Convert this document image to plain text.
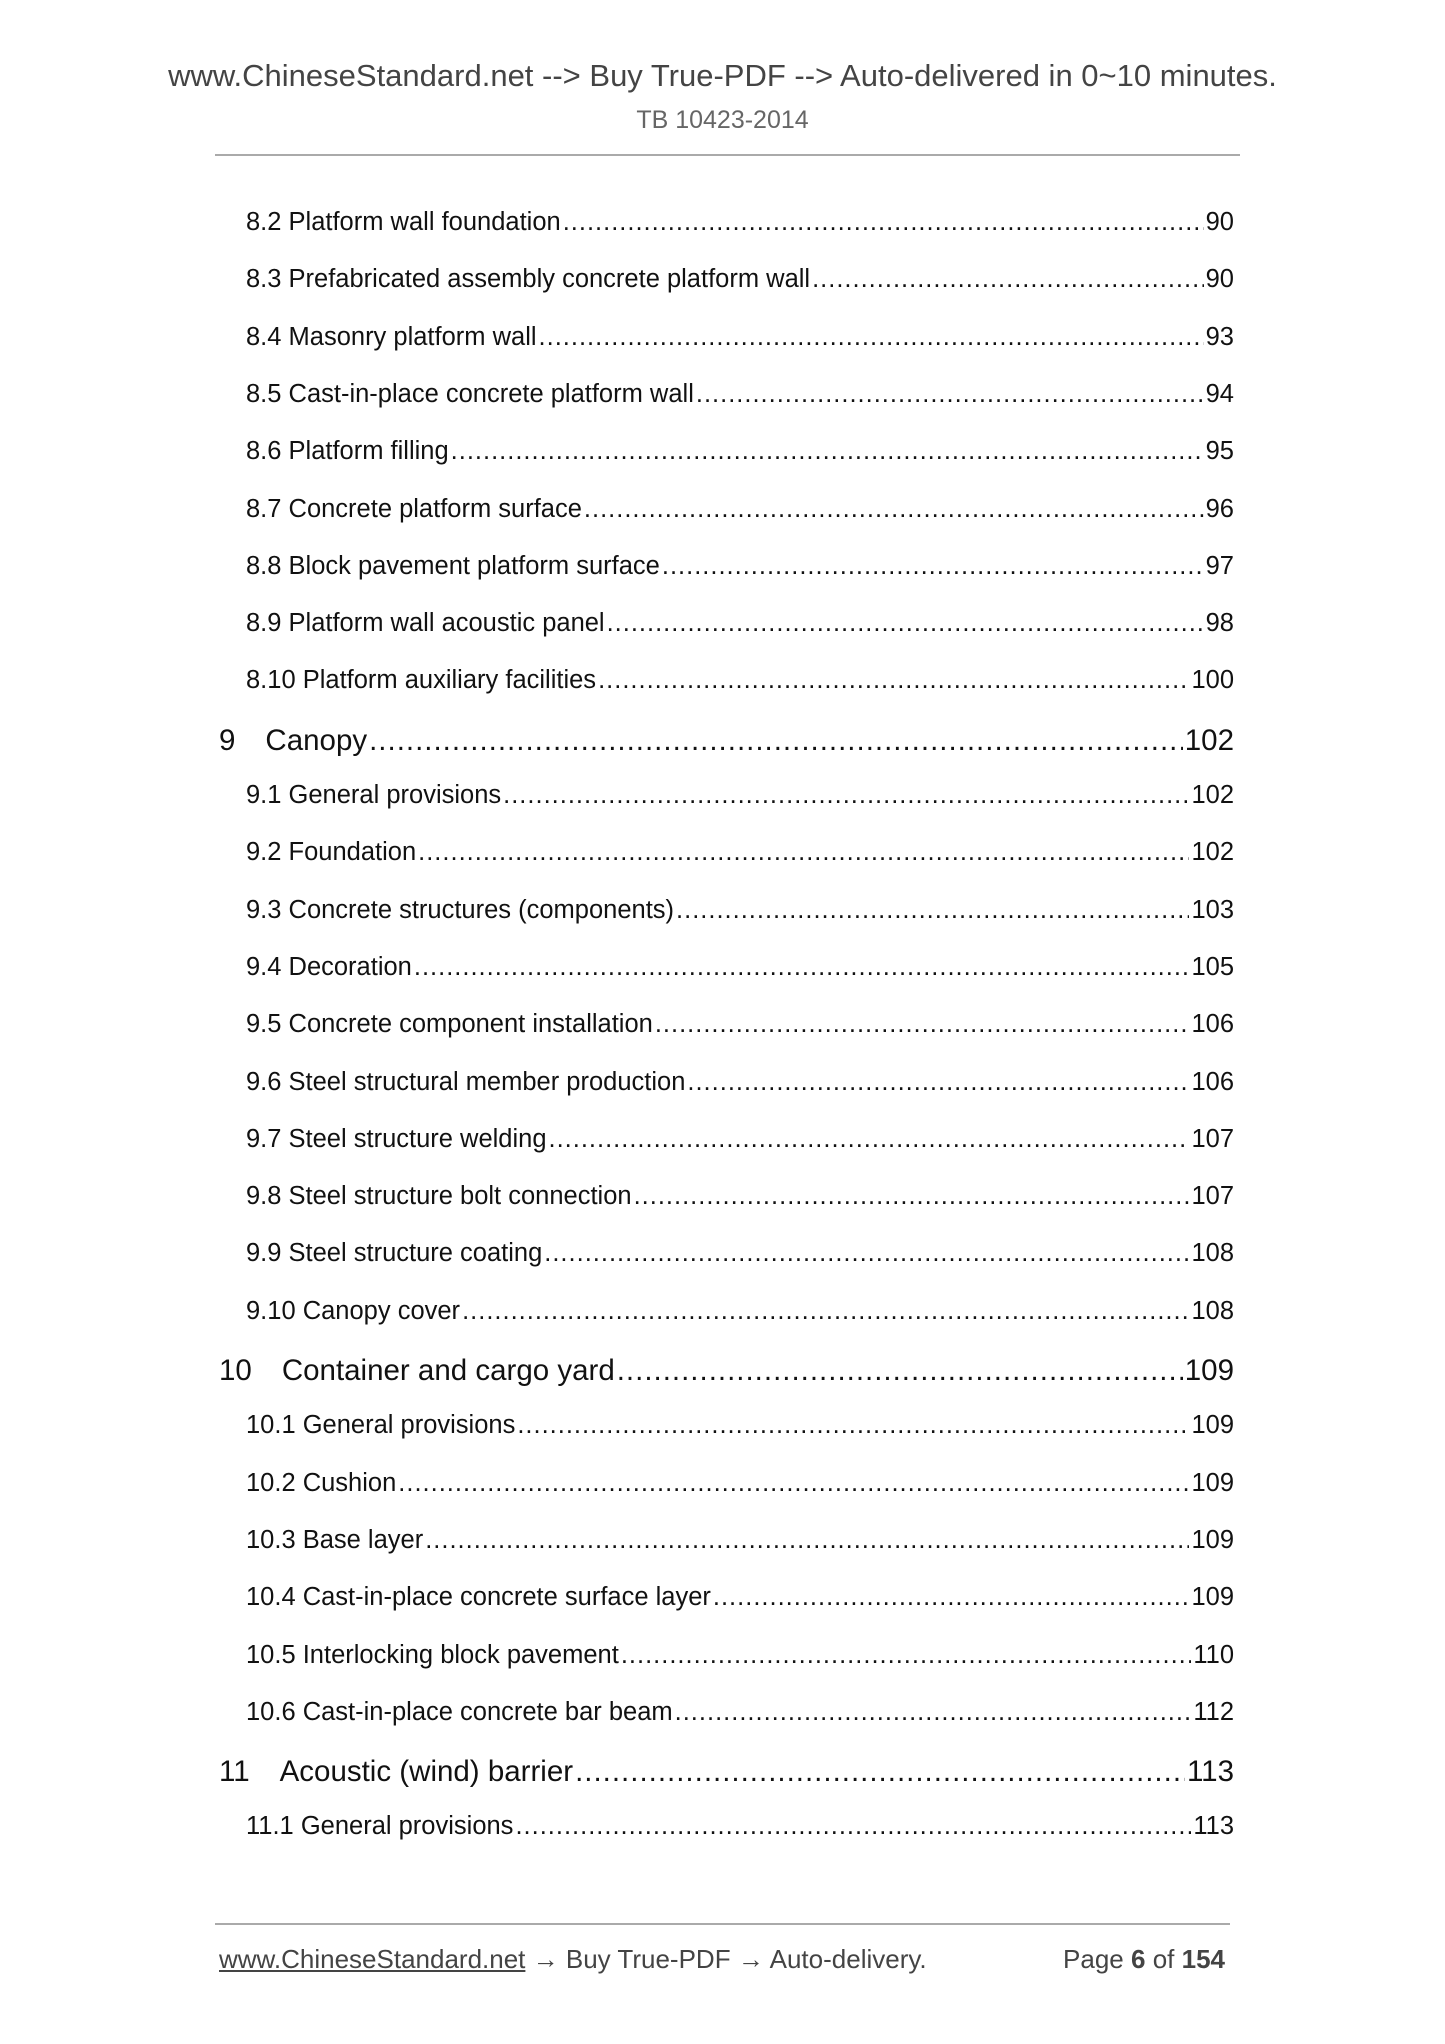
www.ChineseStandard.net --> Buy True-PDF --> Auto-delivered in 0~10 minutes.
TB 10423-2014
8.2 Platform wall foundation .....	90
8.3 Prefabricated assembly concrete platform wall .....	90
8.4 Masonry platform wall .....	93
8.5 Cast-in-place concrete platform wall .....	94
8.6 Platform filling .....	95
8.7 Concrete platform surface .....	96
8.8 Block pavement platform surface .....	97
8.9 Platform wall acoustic panel .....	98
8.10 Platform auxiliary facilities .....	100
9 Canopy .....	102
9.1 General provisions .....	102
9.2 Foundation .....	102
9.3 Concrete structures (components) .....	103
9.4 Decoration .....	105
9.5 Concrete component installation .....	106
9.6 Steel structural member production .....	106
9.7 Steel structure welding .....	107
9.8 Steel structure bolt connection .....	107
9.9 Steel structure coating .....	108
9.10 Canopy cover .....	108
10 Container and cargo yard .....	109
10.1 General provisions .....	109
10.2 Cushion .....	109
10.3 Base layer .....	109
10.4 Cast-in-place concrete surface layer .....	109
10.5 Interlocking block pavement .....	110
10.6 Cast-in-place concrete bar beam .....	112
11 Acoustic (wind) barrier .....	113
11.1 General provisions .....	113
www.ChineseStandard.net → Buy True-PDF → Auto-delivery.	Page 6 of 154
